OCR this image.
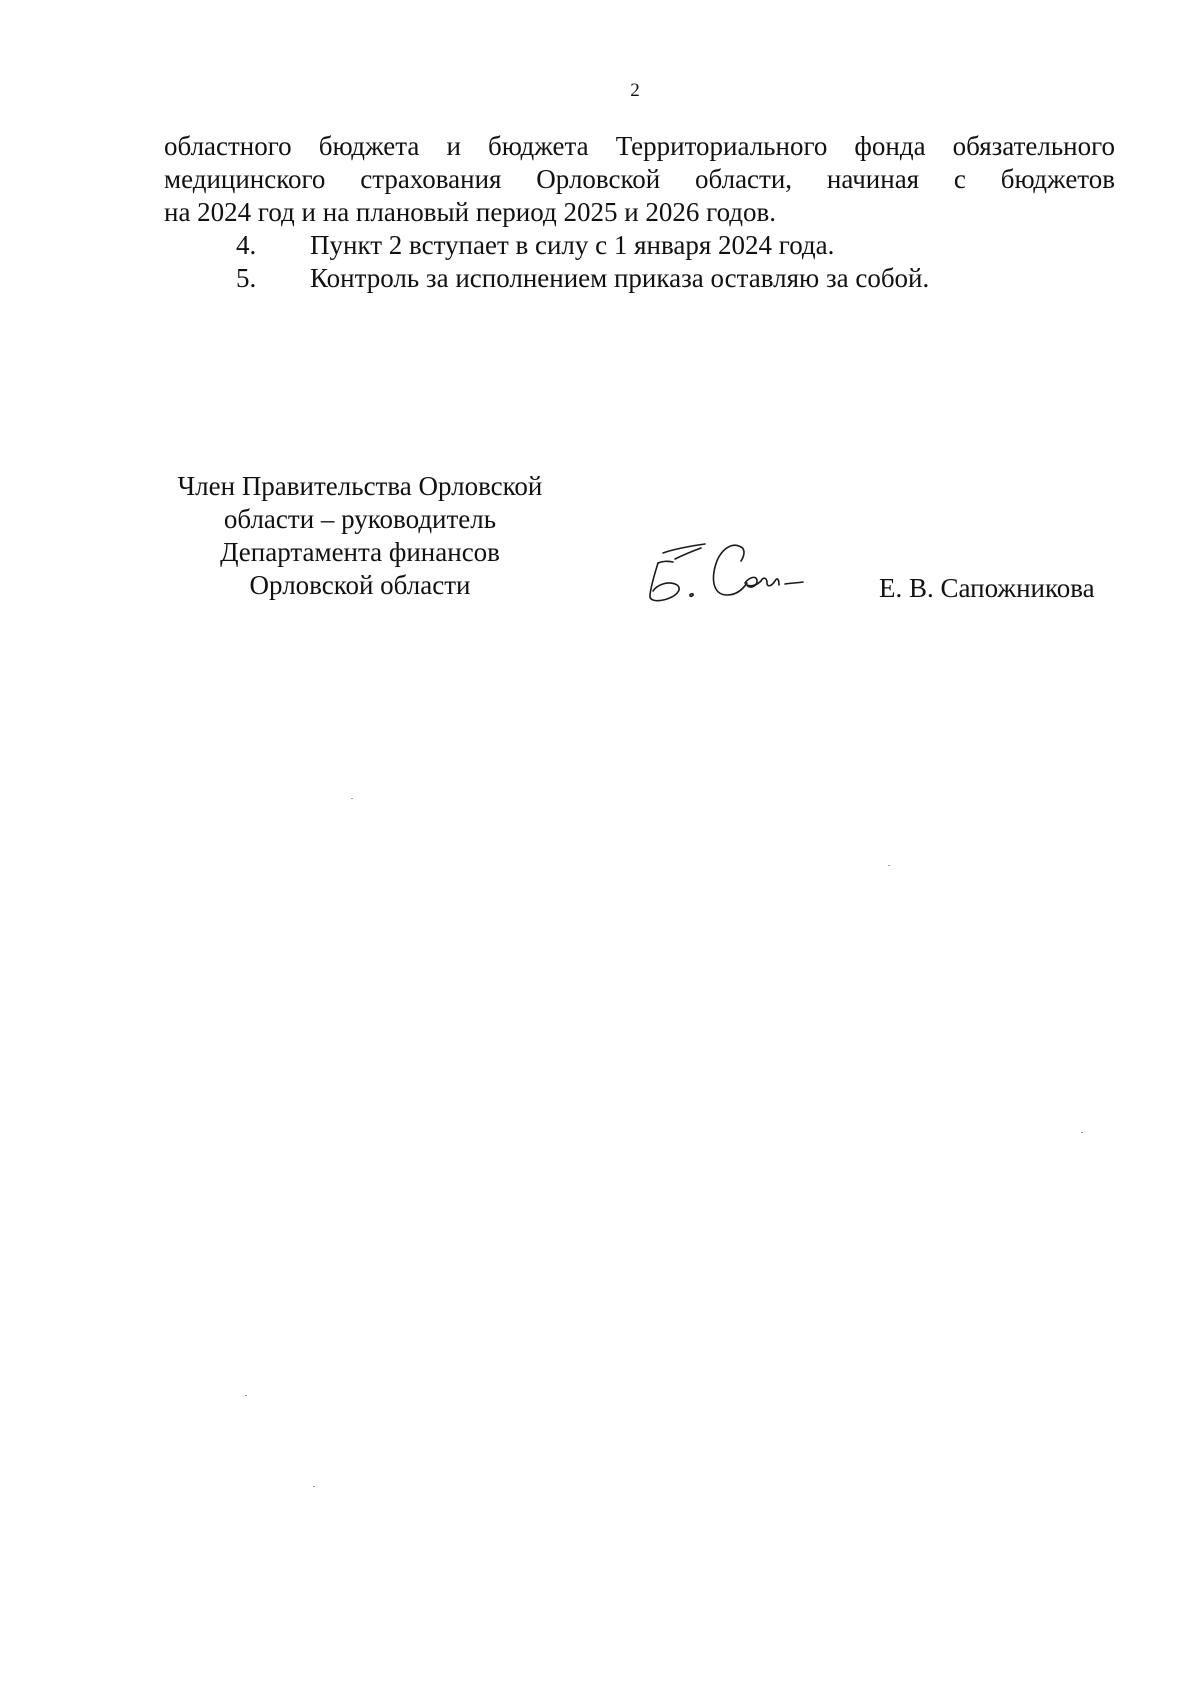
2
областного бюджета и бюджета Территориального фонда обязательного
медицинского страхования Орловской области, начиная с бюджетов
на 2024 год и на плановый период 2025 и 2026 годов.
4. Пункт 2 вступает в силу с 1 января 2024 года.
5. Контроль за исполнением приказа оставляю за собой.
Член Правительства Орловской
области – руководитель
Департамента финансов
Орловской области	Е. В. Сапожникова
